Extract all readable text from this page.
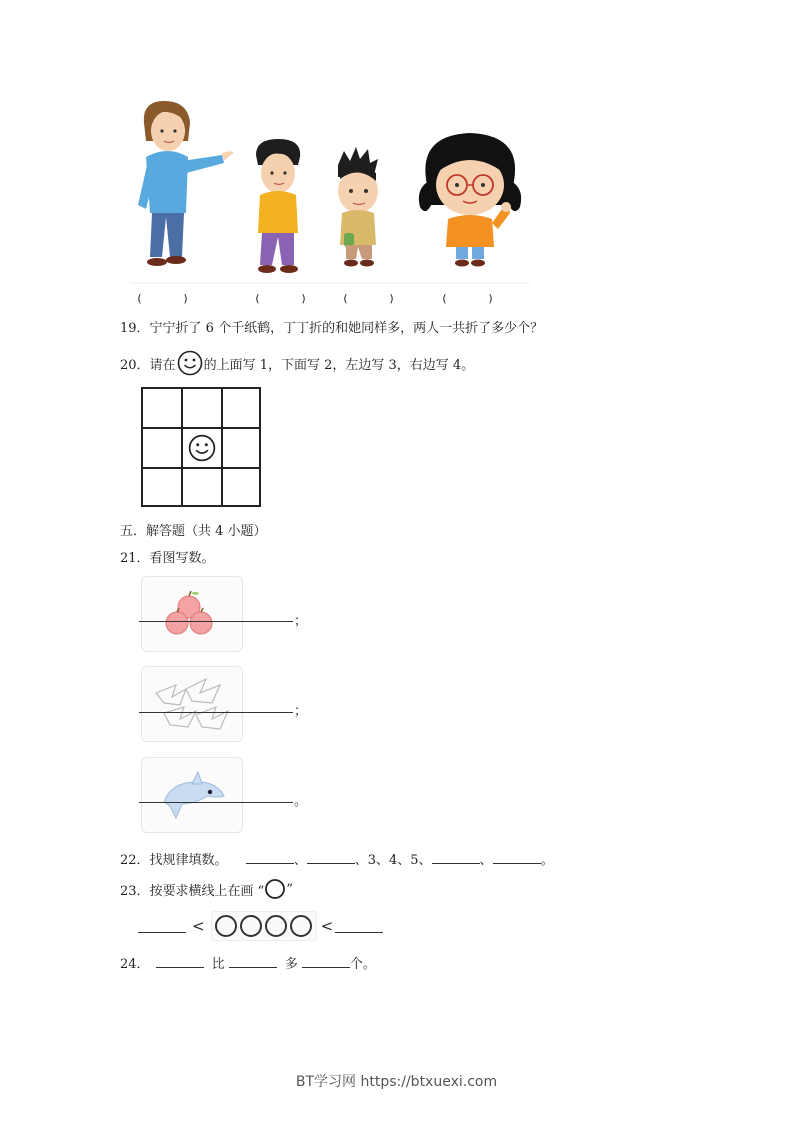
(      )	(      )	(      )	(      )
19．宁宁折了 6 个千纸鹤，丁丁折的和她同样多，两人一共折了多少个？
20． 请在 的上面写 1，下面写 2，左边写 3，右边写 4。
五．解答题（共 4 小题）
21．看图写数。
；
；
。
22．找规律填数。	、	、3、4、5、	、	。
23． 按要求横线上在画 “ ”
<	<
24．	比	多	个。
BT学习网 https://btxuexi.com
